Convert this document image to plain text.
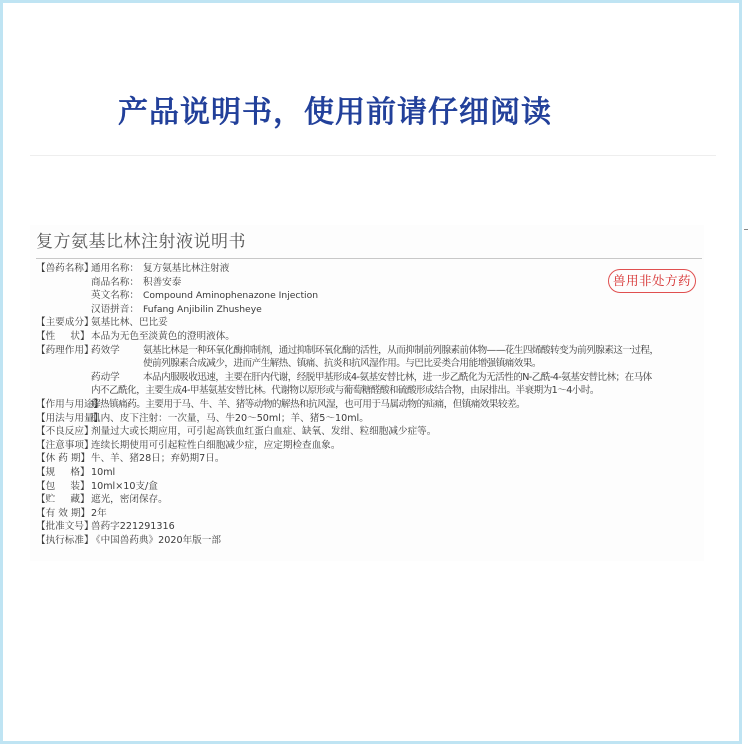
产品说明书，使用前请仔细阅读
复方氨基比林注射液说明书
兽用非处方药
【兽药名称】
通用名称： 复方氨基比林注射液
商品名称： 积善安泰
英文名称： Compound Aminophenazone Injection
汉语拼音： Fufang Anjibilin Zhusheye
【主要成分】
氨基比林、巴比妥
【性     状】 本品为无色至淡黄色的澄明液体。
【药理作用】
药效学	氨基比林是一种环氧化酶抑制剂，通过抑制环氧化酶的活性，从而抑制前列腺素前体物——花生四烯酸转变为前列腺素这一过程，
使前列腺素合成减少，进而产生解热、镇痛、抗炎和抗风湿作用。与巴比妥类合用能增强镇痛效果。
药动学	本品内服吸收迅速，主要在肝内代谢，经脱甲基形成4-氨基安替比林，进一步乙酰化为无活性的N-乙酰-4-氨基安替比林；在马体
内不乙酰化，主要生成4-甲基氨基安替比林。代谢物以原形或与葡萄糖醛酸和硫酸形成结合物，由尿排出。半衰期为1～4小时。
【作用与用途】
解热镇痛药。主要用于马、牛、羊、猪等动物的解热和抗风湿，也可用于马属动物的疝痛，但镇痛效果较差。
【用法与用量】
肌内、皮下注射：一次量，马、牛20～50ml；羊、猪5～10ml。
【不良反应】
剂量过大或长期应用，可引起高铁血红蛋白血症、缺氧、发绀、粒细胞减少症等。
【注意事项】
连续长期使用可引起粒性白细胞减少症，应定期检查血象。
【休 药 期】 牛、羊、猪28日；弃奶期7日。
【规     格】 10ml
【包     装】 10ml×10支/盒
【贮     藏】 遮光，密闭保存。
【有 效 期】 2年
【批准文号】
兽药字221291316
【执行标准】
《中国兽药典》2020年版一部
